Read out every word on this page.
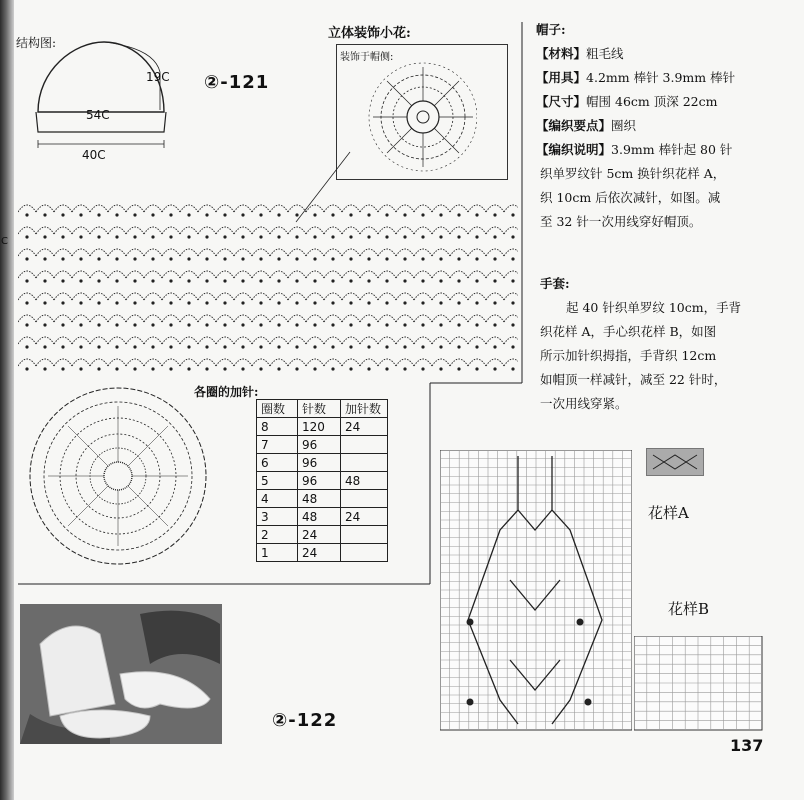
C
结构图:
54C
19C
40C
②-121
立体装饰小花:
装饰于帽侧:
各圈的加针:
圈数	针数	加针数
8	120	24
7	96	
6	96	
5	96	48
4	48	
3	48	24
2	24	
1	24	
帽子:
【材料】粗毛线
【用具】4.2mm 棒针 3.9mm 棒针
【尺寸】帽围 46cm 顶深 22cm
【编织要点】圈织
【编织说明】3.9mm 棒针起 80 针
织单罗纹针 5cm 换针织花样 A，
织 10cm 后依次减针，如图。减
至 32 针一次用线穿好帽顶。
手套:
起 40 针织单罗纹 10cm，手背
织花样 A，手心织花样 B，如图
所示加针织拇指，手背织 12cm
如帽顶一样减针，减至 22 针时，
一次用线穿紧。
花样A
花样B
②-122
137
